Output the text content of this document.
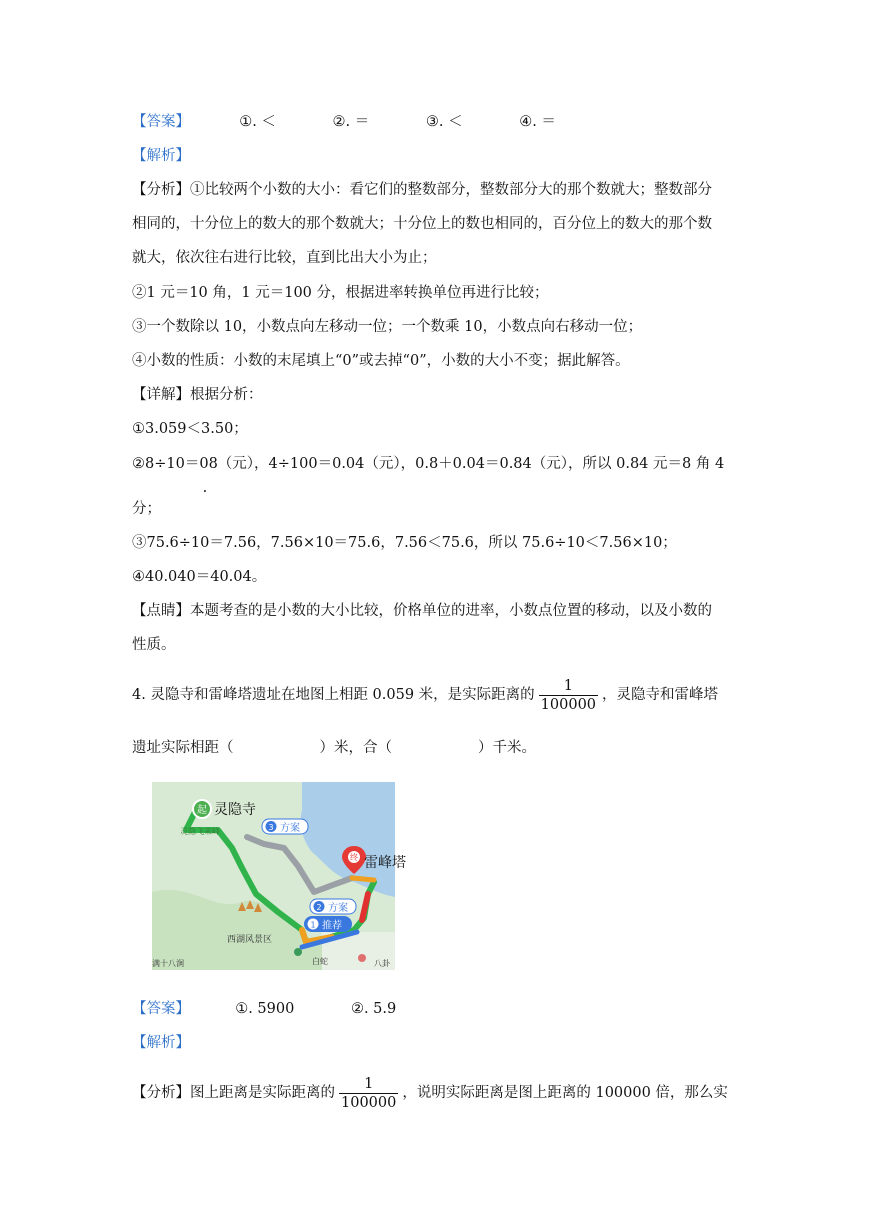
【答案】	①. ＜	②. ＝	③. ＜	④. ＝
【解析】
【分析】①比较两个小数的大小：看它们的整数部分，整数部分大的那个数就大；整数部分
相同的，十分位上的数大的那个数就大；十分位上的数也相同的，百分位上的数大的那个数
就大，依次往右进行比较，直到比出大小为止；
②1 元＝10 角，1 元＝100 分，根据进率转换单位再进行比较；
③一个数除以 10，小数点向左移动一位；一个数乘 10，小数点向右移动一位；
④小数的性质：小数的末尾填上“0”或去掉“0”，小数的大小不变；据此解答。
【详解】根据分析：
①3.059＜3.50；
②8÷10＝0
.
8（元），4÷100＝0.04（元），0.8＋0.04＝0.84（元），所以 0.84 元＝8 角 4
分；
③75.6÷10＝7.56，7.56×10＝75.6，7.56＜75.6，所以 75.6÷10＜7.56×10；
④40.040＝40.04。
【点睛】本题考查的是小数的大小比较，价格单位的进率，小数点位置的移动，以及小数的
性质。
4. 灵隐寺和雷峰塔遗址在地图上相距 0.059 米，是实际距离的 $\frac{1}{100000}$ ，灵隐寺和雷峰塔
遗址实际相距（	）米，合（	）千米。
起 灵隐寺
终 雷峰塔
3 方案
2 方案
1 推荐
灵隐飞来峰
西湖风景区
白蛇
满十八涧	八卦
【答案】	①. 5900	②. 5.9
【解析】
【分析】图上距离是实际距离的 $\frac{1}{100000}$ ，说明实际距离是图上距离的 100000 倍，那么实
